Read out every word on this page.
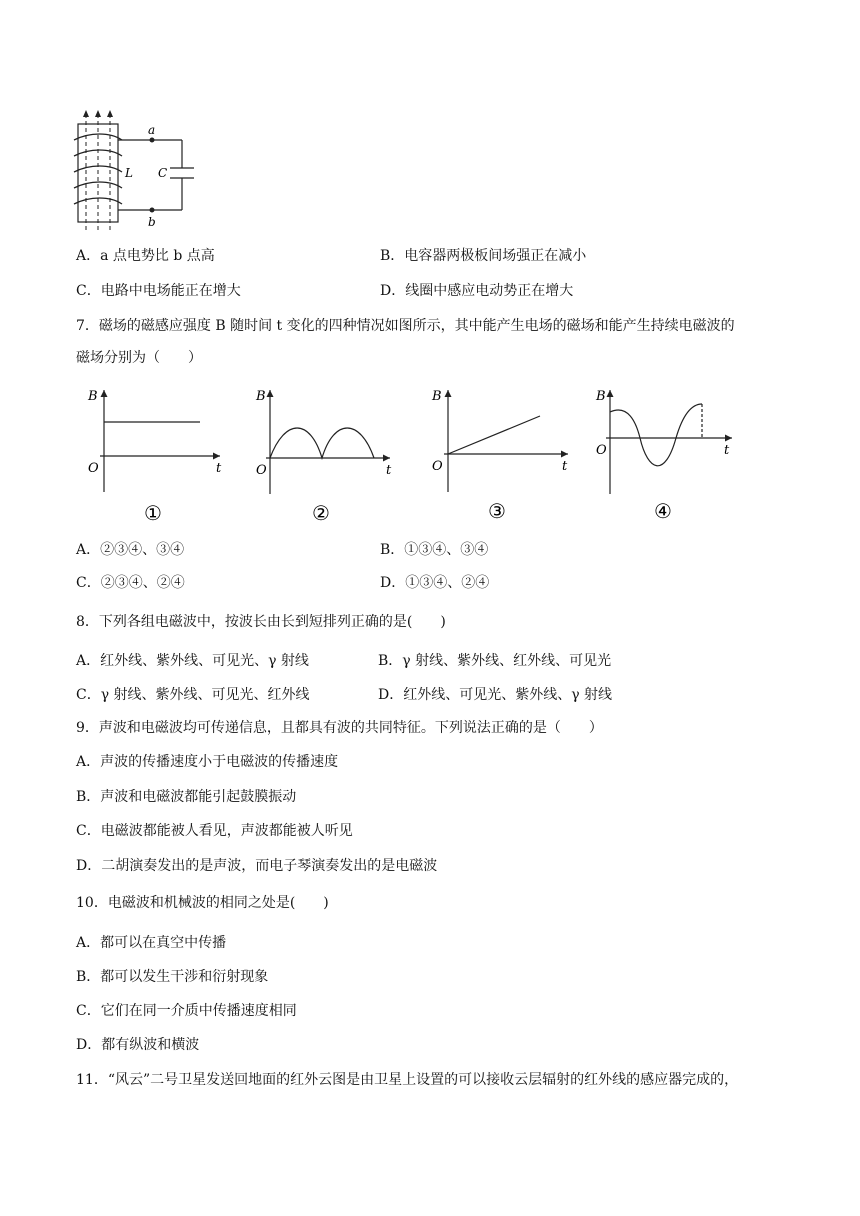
a
b
L C
A．a 点电势比 b 点高	B．电容器两极板间场强正在减小
C．电路中电场能正在增大	D．线圈中感应电动势正在增大
7．磁场的磁感应强度 B 随时间 t 变化的四种情况如图所示，其中能产生电场的磁场和能产生持续电磁波的
磁场分别为（　　）
B
t
O
①
B
t
O
②
B
t
O
③
B
t
O
④
A．②③④、③④	B．①③④、③④
C．②③④、②④	D．①③④、②④
8．下列各组电磁波中，按波长由长到短排列正确的是(　　)
A．红外线、紫外线、可见光、γ 射线	B．γ 射线、紫外线、红外线、可见光
C．γ 射线、紫外线、可见光、红外线	D．红外线、可见光、紫外线、γ 射线
9．声波和电磁波均可传递信息，且都具有波的共同特征。下列说法正确的是（　　）
A．声波的传播速度小于电磁波的传播速度
B．声波和电磁波都能引起鼓膜振动
C．电磁波都能被人看见，声波都能被人听见
D．二胡演奏发出的是声波，而电子琴演奏发出的是电磁波
10．电磁波和机械波的相同之处是(　　)
A．都可以在真空中传播
B．都可以发生干涉和衍射现象
C．它们在同一介质中传播速度相同
D．都有纵波和横波
11．“风云”二号卫星发送回地面的红外云图是由卫星上设置的可以接收云层辐射的红外线的感应器完成的，
